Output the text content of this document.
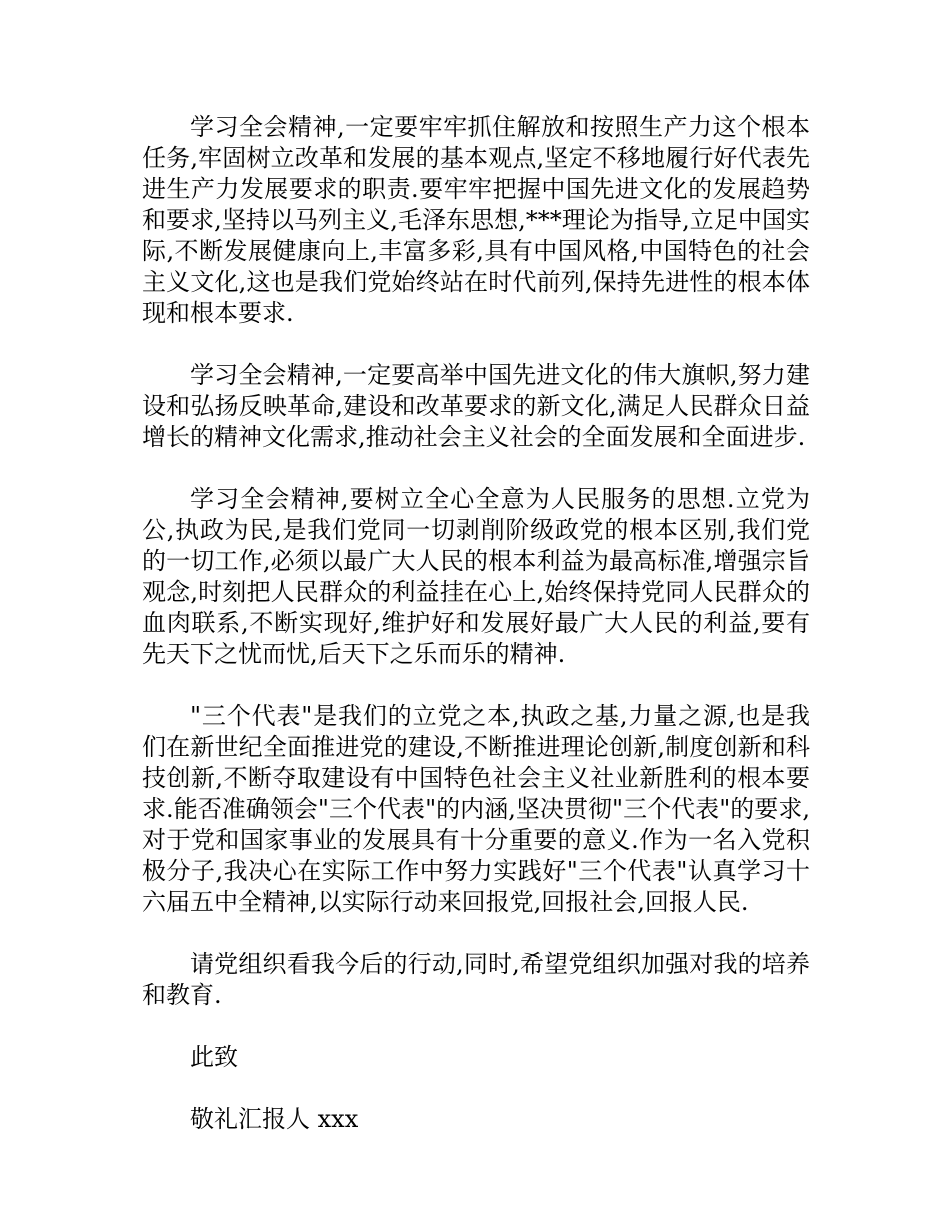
学习全会精神,一定要牢牢抓住解放和按照生产力这个根本任务,牢固树立改革和发展的基本观点,坚定不移地履行好代表先进生产力发展要求的职责.要牢牢把握中国先进文化的发展趋势和要求,坚持以马列主义,毛泽东思想,***理论为指导,立足中国实际,不断发展健康向上,丰富多彩,具有中国风格,中国特色的社会主义文化,这也是我们党始终站在时代前列,保持先进性的根本体现和根本要求.

学习全会精神,一定要高举中国先进文化的伟大旗帜,努力建设和弘扬反映革命,建设和改革要求的新文化,满足人民群众日益增长的精神文化需求,推动社会主义社会的全面发展和全面进步.

学习全会精神,要树立全心全意为人民服务的思想.立党为公,执政为民,是我们党同一切剥削阶级政党的根本区别,我们党的一切工作,必须以最广大人民的根本利益为最高标准,增强宗旨观念,时刻把人民群众的利益挂在心上,始终保持党同人民群众的血肉联系,不断实现好,维护好和发展好最广大人民的利益,要有先天下之忧而忧,后天下之乐而乐的精神.

"三个代表"是我们的立党之本,执政之基,力量之源,也是我们在新世纪全面推进党的建设,不断推进理论创新,制度创新和科技创新,不断夺取建设有中国特色社会主义社业新胜利的根本要求.能否准确领会"三个代表"的内涵,坚决贯彻"三个代表"的要求,对于党和国家事业的发展具有十分重要的意义.作为一名入党积极分子,我决心在实际工作中努力实践好"三个代表"认真学习十六届五中全精神,以实际行动来回报党,回报社会,回报人民.

请党组织看我今后的行动,同时,希望党组织加强对我的培养和教育.

此致

敬礼汇报人 xxx
